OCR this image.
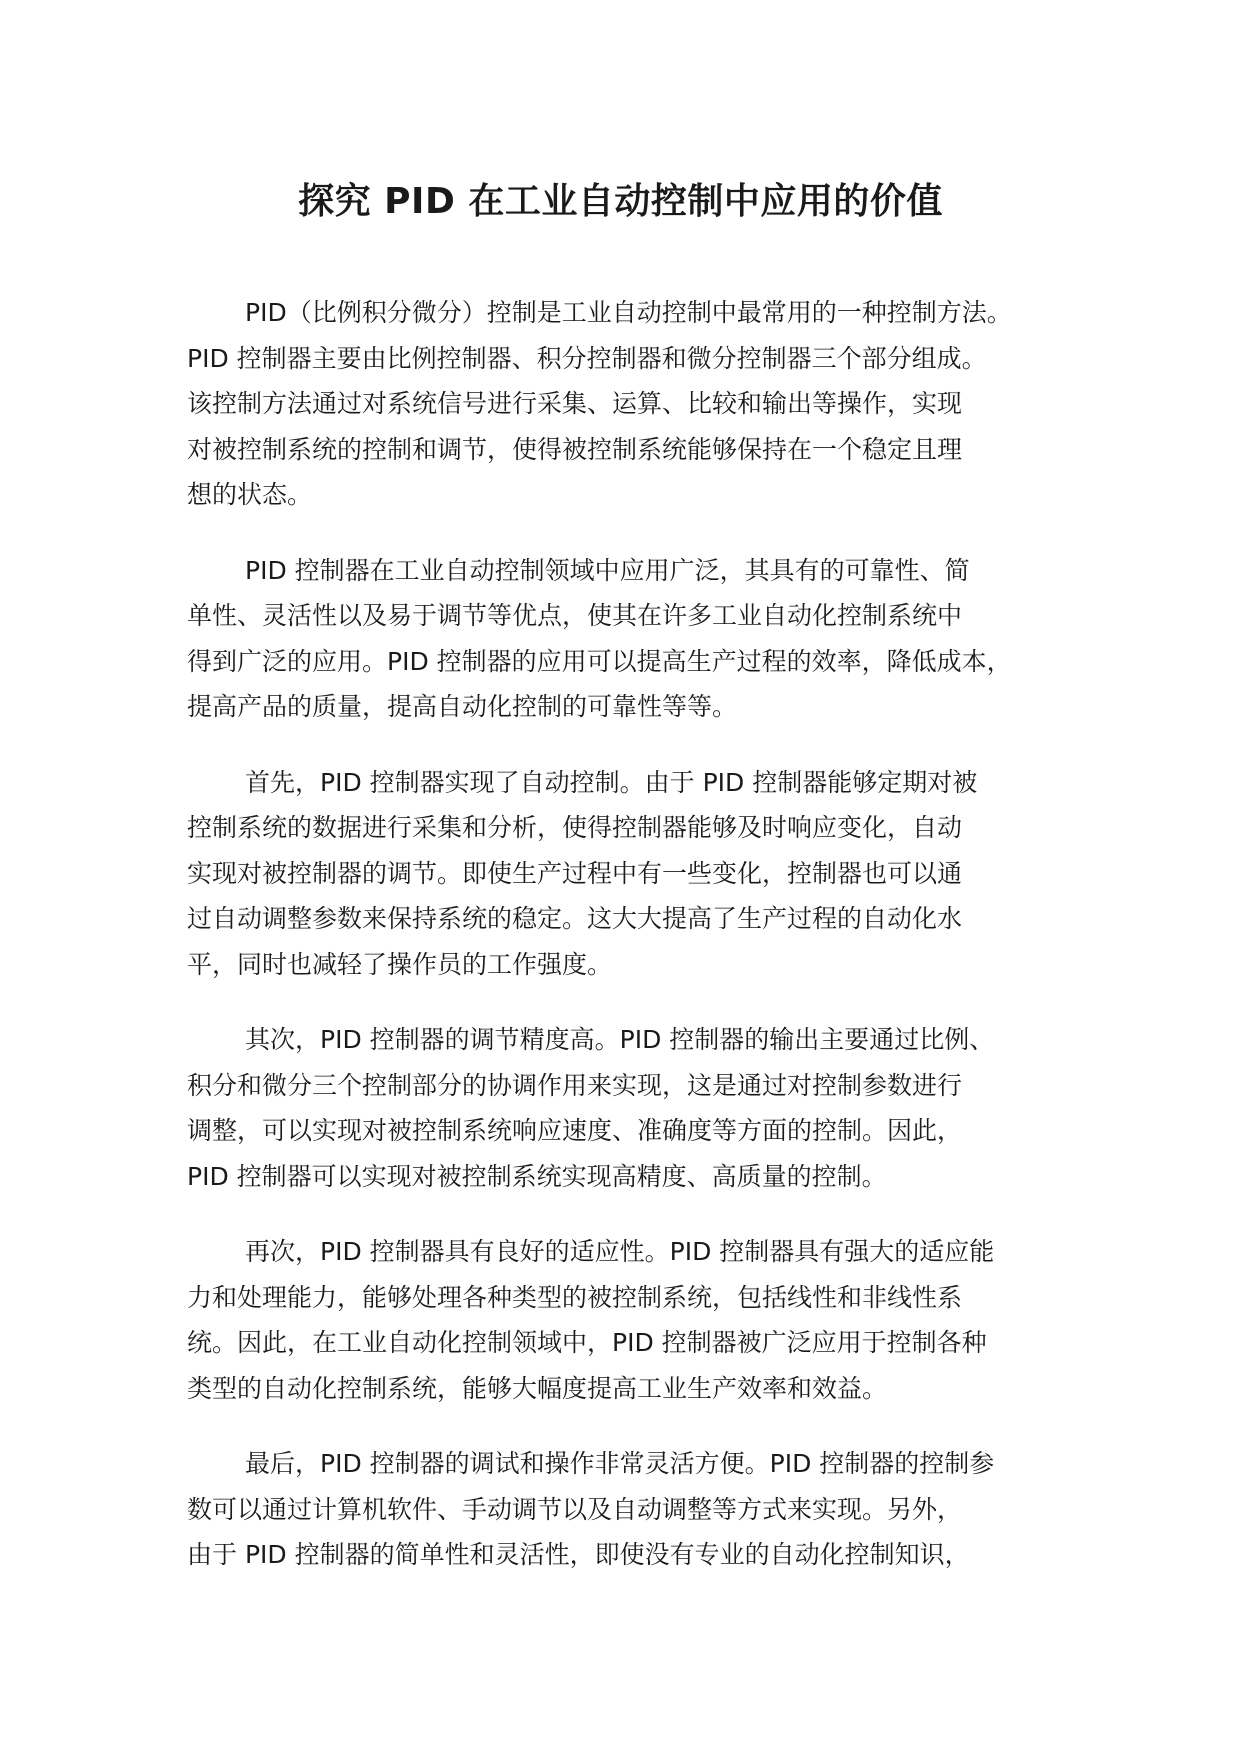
探究 PID 在工业自动控制中应用的价值

PID（比例积分微分）控制是工业自动控制中最常用的一种控制方法。
PID 控制器主要由比例控制器、积分控制器和微分控制器三个部分组成。
该控制方法通过对系统信号进行采集、运算、比较和输出等操作，实现
对被控制系统的控制和调节，使得被控制系统能够保持在一个稳定且理
想的状态。

PID 控制器在工业自动控制领域中应用广泛，其具有的可靠性、简
单性、灵活性以及易于调节等优点，使其在许多工业自动化控制系统中
得到广泛的应用。PID 控制器的应用可以提高生产过程的效率，降低成本，
提高产品的质量，提高自动化控制的可靠性等等。

首先，PID 控制器实现了自动控制。由于 PID 控制器能够定期对被
控制系统的数据进行采集和分析，使得控制器能够及时响应变化，自动
实现对被控制器的调节。即使生产过程中有一些变化，控制器也可以通
过自动调整参数来保持系统的稳定。这大大提高了生产过程的自动化水
平，同时也减轻了操作员的工作强度。

其次，PID 控制器的调节精度高。PID 控制器的输出主要通过比例、
积分和微分三个控制部分的协调作用来实现，这是通过对控制参数进行
调整，可以实现对被控制系统响应速度、准确度等方面的控制。因此，
PID 控制器可以实现对被控制系统实现高精度、高质量的控制。

再次，PID 控制器具有良好的适应性。PID 控制器具有强大的适应能
力和处理能力，能够处理各种类型的被控制系统，包括线性和非线性系
统。因此，在工业自动化控制领域中，PID 控制器被广泛应用于控制各种
类型的自动化控制系统，能够大幅度提高工业生产效率和效益。

最后，PID 控制器的调试和操作非常灵活方便。PID 控制器的控制参
数可以通过计算机软件、手动调节以及自动调整等方式来实现。另外，
由于 PID 控制器的简单性和灵活性，即使没有专业的自动化控制知识，
